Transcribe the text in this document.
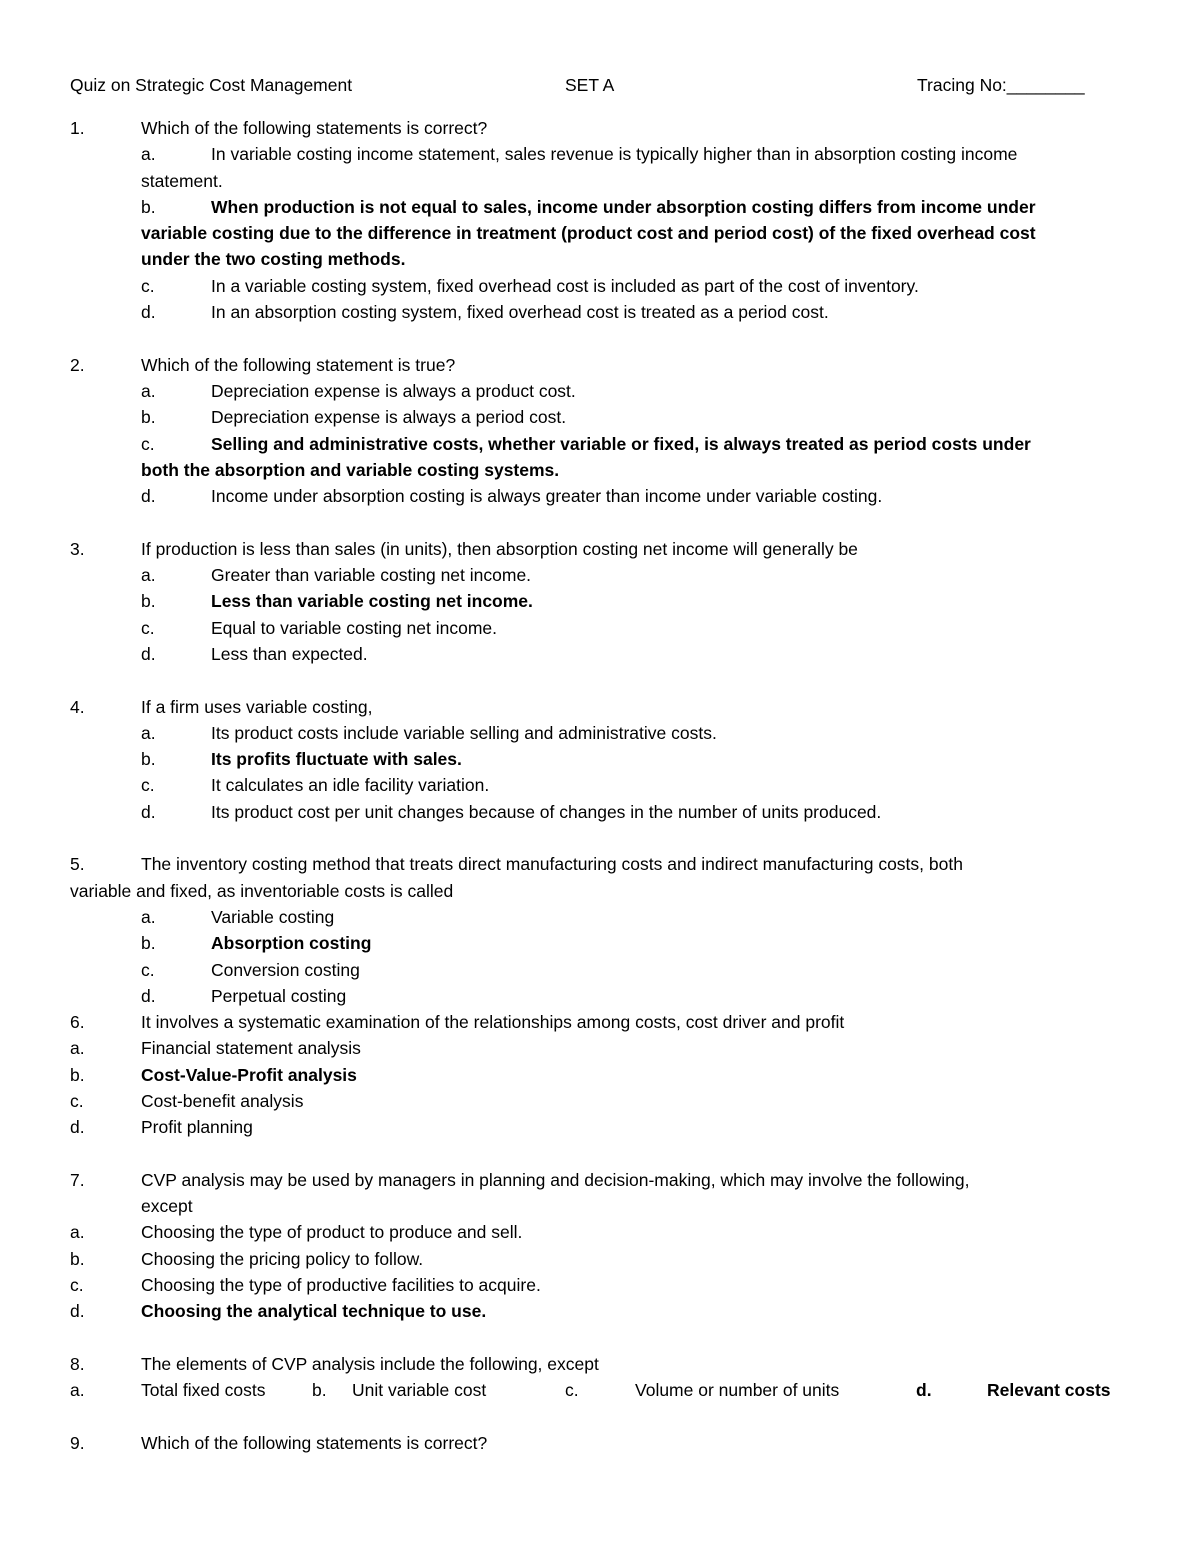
Quiz on Strategic Cost Management	SET A	Tracing No:________
1.	Which of the following statements is correct?
a.	In variable costing income statement, sales revenue is typically higher than in absorption costing income
statement.
b.	When production is not equal to sales, income under absorption costing differs from income under
variable costing due to the difference in treatment (product cost and period cost) of the fixed overhead cost
under the two costing methods.
c.	In a variable costing system, fixed overhead cost is included as part of the cost of inventory.
d.	In an absorption costing system, fixed overhead cost is treated as a period cost.
2.	Which of the following statement is true?
a.	Depreciation expense is always a product cost.
b.	Depreciation expense is always a period cost.
c.	Selling and administrative costs, whether variable or fixed, is always treated as period costs under
both the absorption and variable costing systems.
d.	Income under absorption costing is always greater than income under variable costing.
3.	If production is less than sales (in units), then absorption costing net income will generally be
a.	Greater than variable costing net income.
b.	Less than variable costing net income.
c.	Equal to variable costing net income.
d.	Less than expected.
4.	If a firm uses variable costing,
a.	Its product costs include variable selling and administrative costs.
b.	Its profits fluctuate with sales.
c.	It calculates an idle facility variation.
d.	Its product cost per unit changes because of changes in the number of units produced.
5.	The inventory costing method that treats direct manufacturing costs and indirect manufacturing costs, both
variable and fixed, as inventoriable costs is called
a.	Variable costing
b.	Absorption costing
c.	Conversion costing
d.	Perpetual costing
6.	It involves a systematic examination of the relationships among costs, cost driver and profit
a.	Financial statement analysis
b.	Cost-Value-Profit analysis
c.	Cost-benefit analysis
d.	Profit planning
7.	CVP analysis may be used by managers in planning and decision-making, which may involve the following,
except
a.	Choosing the type of product to produce and sell.
b.	Choosing the pricing policy to follow.
c.	Choosing the type of productive facilities to acquire.
d.	Choosing the analytical technique to use.
8.	The elements of CVP analysis include the following, except
a.	Total fixed costs	b. Unit variable cost	c.	Volume or number of units	d.	Relevant costs
9.	Which of the following statements is correct?
